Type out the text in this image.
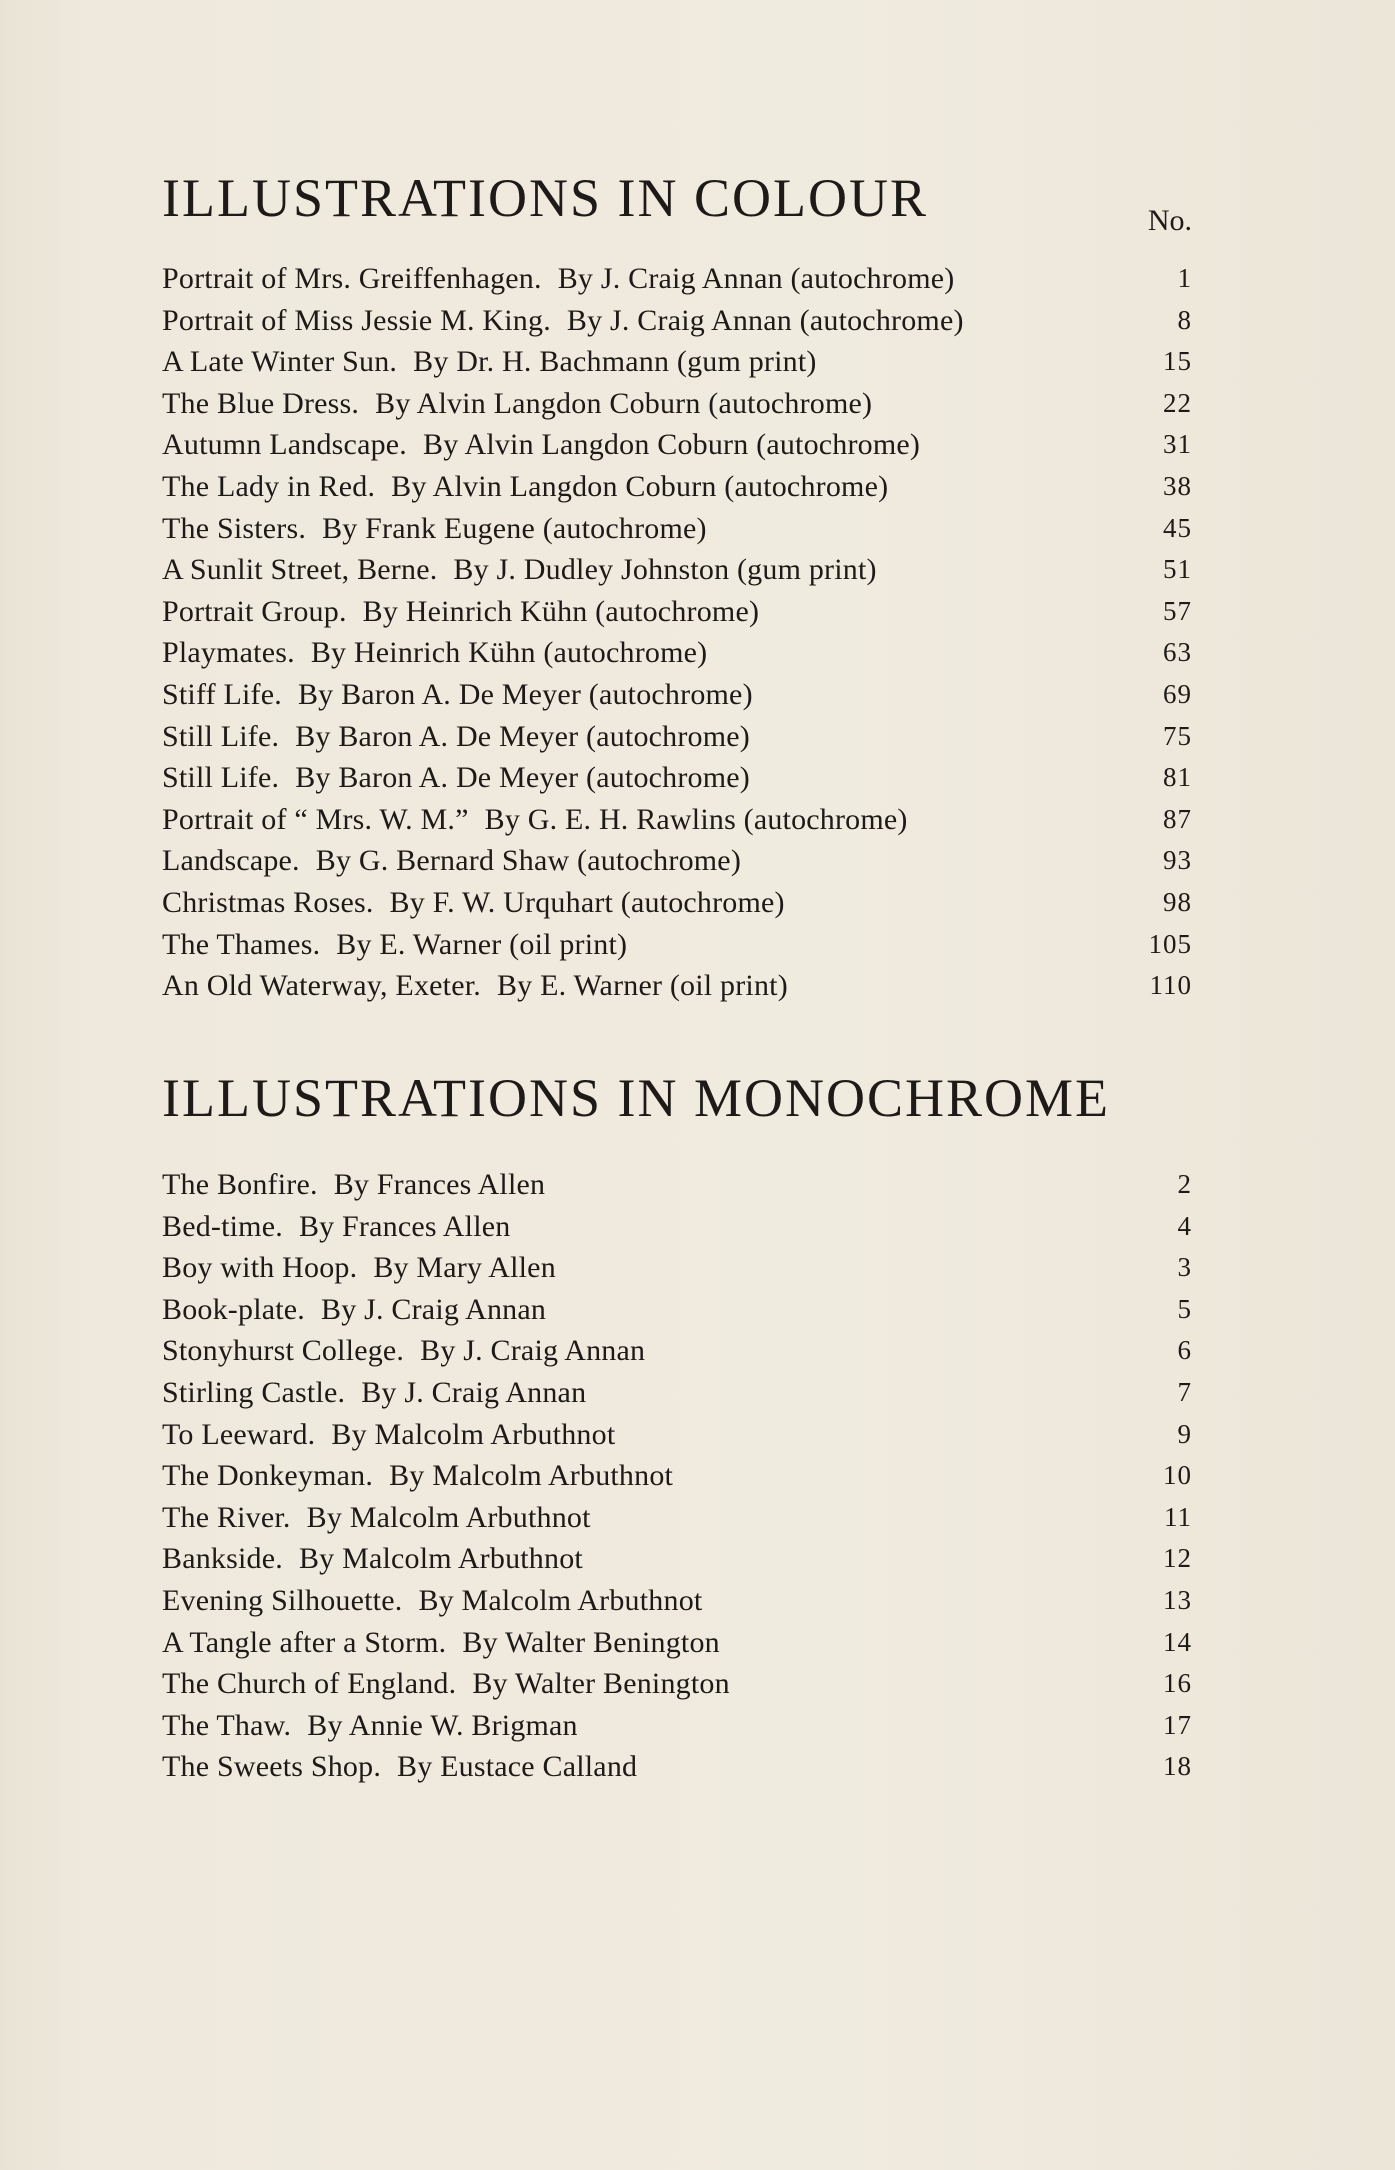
ILLUSTRATIONS IN COLOUR	No.
Portrait of Mrs. Greiffenhagen. By J. Craig Annan (autochrome)	1
Portrait of Miss Jessie M. King. By J. Craig Annan (autochrome)	8
A Late Winter Sun. By Dr. H. Bachmann (gum print)	15
The Blue Dress. By Alvin Langdon Coburn (autochrome)	22
Autumn Landscape. By Alvin Langdon Coburn (autochrome)	31
The Lady in Red. By Alvin Langdon Coburn (autochrome)	38
The Sisters. By Frank Eugene (autochrome)	45
A Sunlit Street, Berne. By J. Dudley Johnston (gum print)	51
Portrait Group. By Heinrich Kühn (autochrome)	57
Playmates. By Heinrich Kühn (autochrome)	63
Stiff Life. By Baron A. De Meyer (autochrome)	69
Still Life. By Baron A. De Meyer (autochrome)	75
Still Life. By Baron A. De Meyer (autochrome)	81
Portrait of “ Mrs. W. M.” By G. E. H. Rawlins (autochrome)	87
Landscape. By G. Bernard Shaw (autochrome)	93
Christmas Roses. By F. W. Urquhart (autochrome)	98
The Thames. By E. Warner (oil print)	105
An Old Waterway, Exeter. By E. Warner (oil print)	110
ILLUSTRATIONS IN MONOCHROME
The Bonfire. By Frances Allen	2
Bed-time. By Frances Allen	4
Boy with Hoop. By Mary Allen	3
Book-plate. By J. Craig Annan	5
Stonyhurst College. By J. Craig Annan	6
Stirling Castle. By J. Craig Annan	7
To Leeward. By Malcolm Arbuthnot	9
The Donkeyman. By Malcolm Arbuthnot	10
The River. By Malcolm Arbuthnot	11
Bankside. By Malcolm Arbuthnot	12
Evening Silhouette. By Malcolm Arbuthnot	13
A Tangle after a Storm. By Walter Benington	14
The Church of England. By Walter Benington	16
The Thaw. By Annie W. Brigman	17
The Sweets Shop. By Eustace Calland	18
